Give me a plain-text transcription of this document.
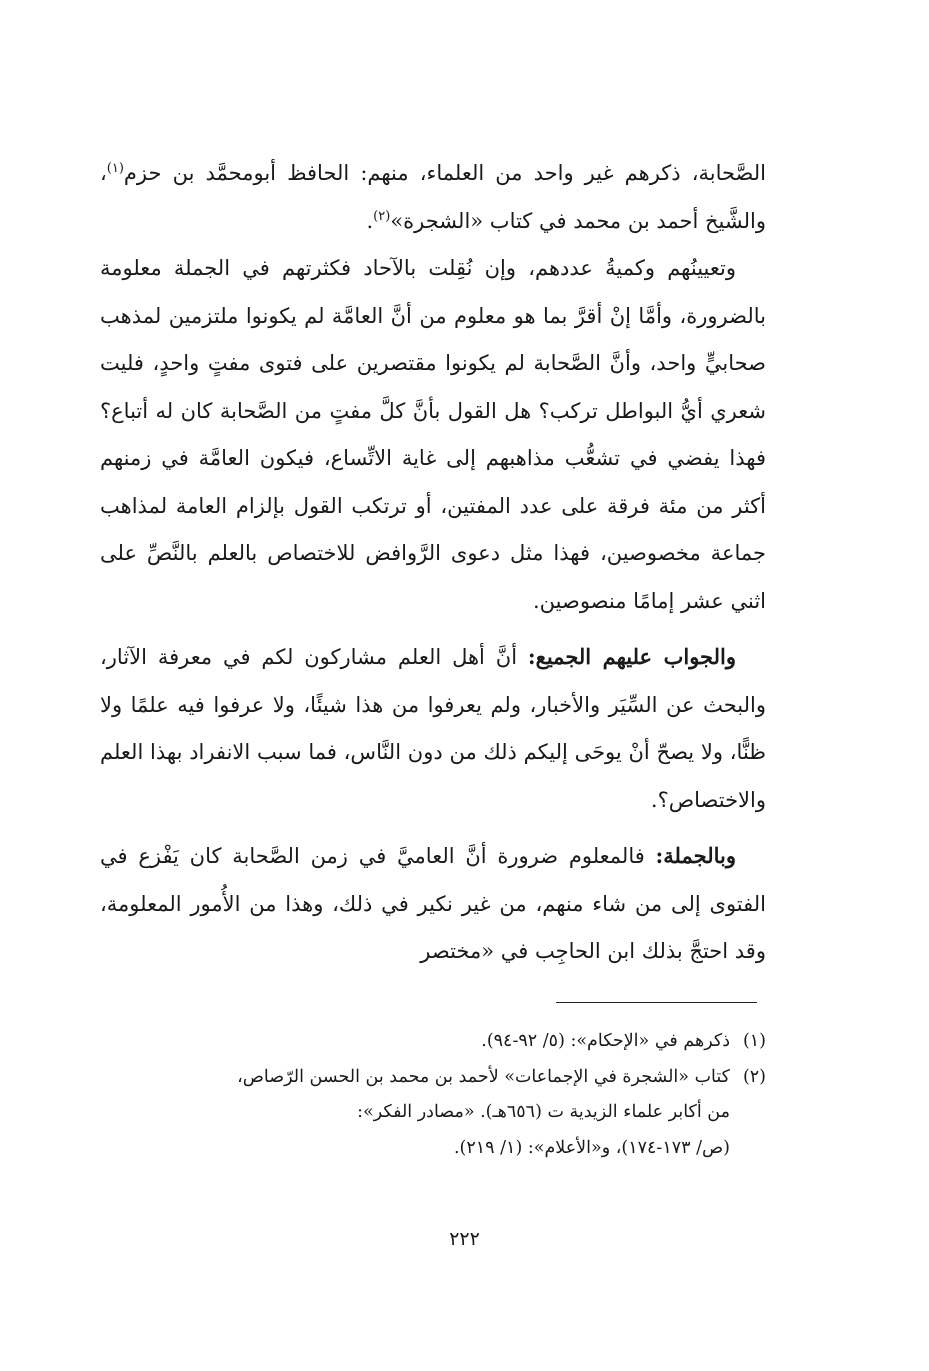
الصَّحابة، ذكرهم غير واحد من العلماء، منهم: الحافظ أبومحمَّد بن حزم$^{(١)}$، والشَّيخ أحمد بن محمد في كتاب «الشجرة»$^{(٢)}$.

وتعيينُهم وكميةُ عددهم، وإن نُقِلت بالآحاد فكثرتهم في الجملة معلومة بالضرورة، وأمَّا إنْ أقرَّ بما هو معلوم من أنَّ العامَّة لم يكونوا ملتزمين لمذهب صحابيٍّ واحد، وأنَّ الصَّحابة لم يكونوا مقتصرين على فتوى مفتٍ واحدٍ، فليت شعري أيُّ البواطل تركب؟ هل القول بأنَّ كلَّ مفتٍ من الصَّحابة كان له أتباع؟ فهذا يفضي في تشعُّب مذاهبهم إلى غاية الاتِّساع، فيكون العامَّة في زمنهم أكثر من مئة فرقة على عدد المفتين، أو ترتكب القول بإلزام العامة لمذاهب جماعة مخصوصين، فهذا مثل دعوى الرَّوافض للاختصاص بالعلم بالنَّصِّ على اثني عشر إمامًا منصوصين.

والجواب عليهم الجميع: أنَّ أهل العلم مشاركون لكم في معرفة الآثار، والبحث عن السِّيَر والأخبار، ولم يعرفوا من هذا شيئًا، ولا عرفوا فيه علمًا ولا ظنًّا، ولا يصحّ أنْ يوحَى إليكم ذلك من دون النَّاس، فما سبب الانفراد بهذا العلم والاختصاص؟.

وبالجملة: فالمعلوم ضرورة أنَّ العاميَّ في زمن الصَّحابة كان يَفْزع في الفتوى إلى من شاء منهم، من غير نكير في ذلك، وهذا من الأُمور المعلومة، وقد احتجَّ بذلك ابن الحاجِب في «مختصر

(١)
ذكرهم في «الإحكام»: (٥/ ٩٢-٩٤).
(٢)
كتاب «الشجرة في الإجماعات» لأحمد بن محمد بن الحسن الرّصاص،
من أكابر علماء الزيدية ت (٦٥٦هـ). «مصادر الفكر»:
(ص/ ١٧٣-١٧٤)، و«الأعلام»: (١/ ٢١٩).
٢٢٢
